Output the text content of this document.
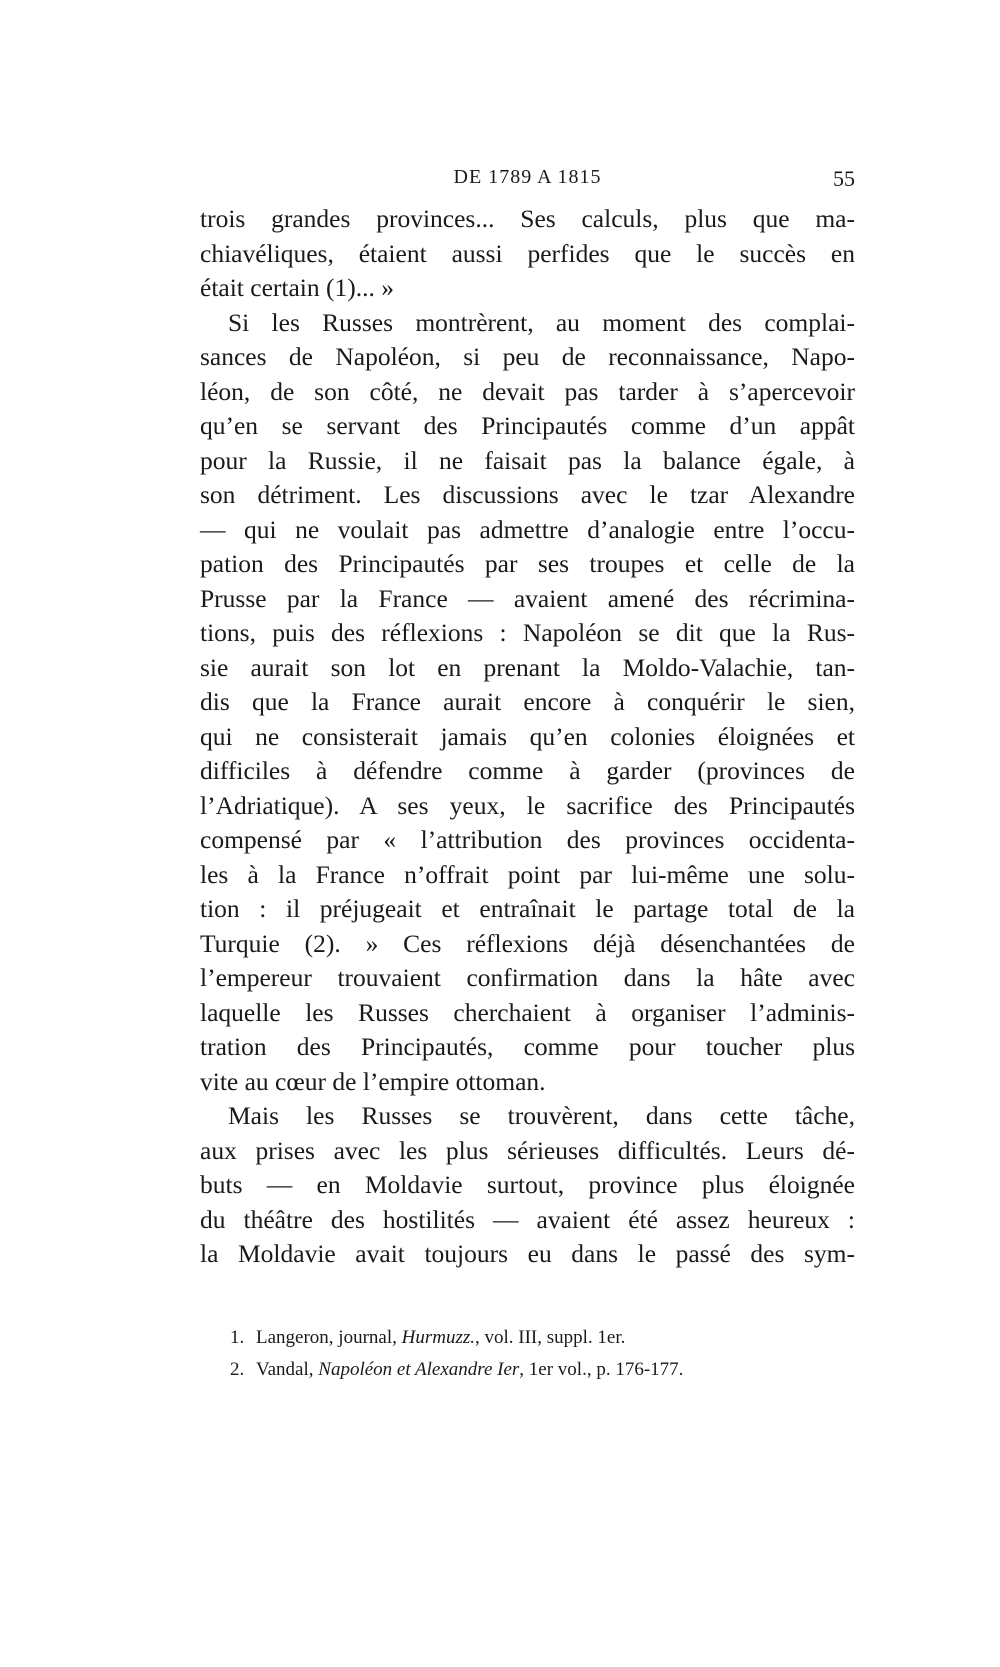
DE 1789 A 1815	55
trois grandes provinces... Ses calculs, plus que ma-
chiavéliques, étaient aussi perfides que le succès en
était certain (1)... »
Si les Russes montrèrent, au moment des complai-
sances de Napoléon, si peu de reconnaissance, Napo-
léon, de son côté, ne devait pas tarder à s’apercevoir
qu’en se servant des Principautés comme d’un appât
pour la Russie, il ne faisait pas la balance égale, à
son détriment. Les discussions avec le tzar Alexandre
— qui ne voulait pas admettre d’analogie entre l’occu-
pation des Principautés par ses troupes et celle de la
Prusse par la France — avaient amené des récrimina-
tions, puis des réflexions : Napoléon se dit que la Rus-
sie aurait son lot en prenant la Moldo-Valachie, tan-
dis que la France aurait encore à conquérir le sien,
qui ne consisterait jamais qu’en colonies éloignées et
difficiles à défendre comme à garder (provinces de
l’Adriatique). A ses yeux, le sacrifice des Principautés
compensé par « l’attribution des provinces occidenta-
les à la France n’offrait point par lui-même une solu-
tion : il préjugeait et entraînait le partage total de la
Turquie (2). » Ces réflexions déjà désenchantées de
l’empereur trouvaient confirmation dans la hâte avec
laquelle les Russes cherchaient à organiser l’adminis-
tration des Principautés, comme pour toucher plus
vite au cœur de l’empire ottoman.
Mais les Russes se trouvèrent, dans cette tâche,
aux prises avec les plus sérieuses difficultés. Leurs dé-
buts — en Moldavie surtout, province plus éloignée
du théâtre des hostilités — avaient été assez heureux :
la Moldavie avait toujours eu dans le passé des sym-
1. Langeron, journal, Hurmuzz., vol. III, suppl. 1er.
2. Vandal, Napoléon et Alexandre Ier, 1er vol., p. 176-177.
